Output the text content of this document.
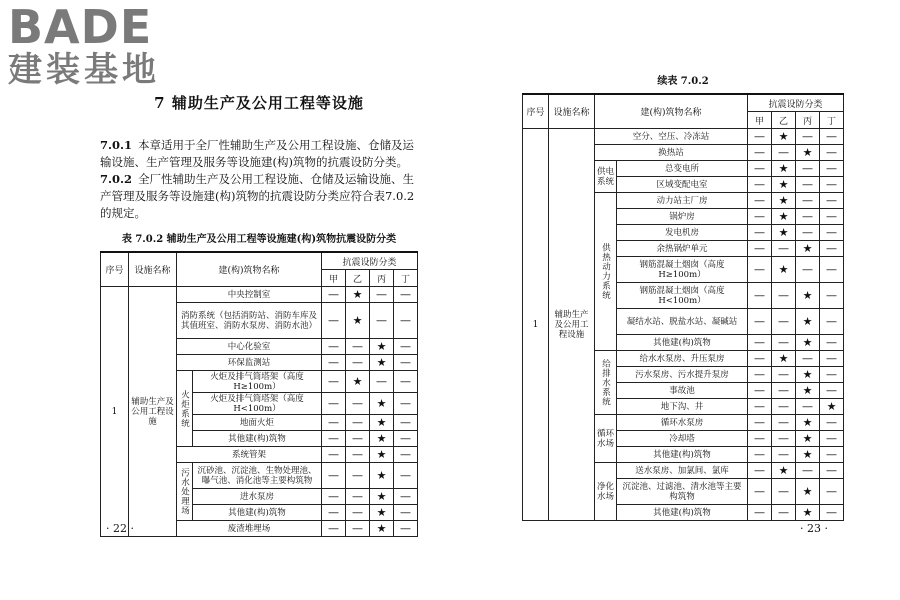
BADE
建装基地
7 辅助生产及公用工程等设施

7.0.1 本章适用于全厂性辅助生产及公用工程设施、仓储及运输设施、生产管理及服务等设施建(构)筑物的抗震设防分类。

7.0.2 全厂性辅助生产及公用工程设施、仓储及运输设施、生产管理及服务等设施建(构)筑物的抗震设防分类应符合表7.0.2的规定。

表 7.0.2 辅助生产及公用工程等设施建(构)筑物抗震设防分类
序号	设施名称	建(构)筑物名称		抗震设防分类			
				甲	乙	丙	丁
1	辅助生产及公用工程设施	中央控制室		—	★	—	—
		消防系统（包括消防站、消防车库及其值班室、消防水泵房、消防水池）		—	★	—	—
		中心化验室		—	—	★	—
		环保监测站		—	—	★	—
		火炬系统	火炬及排气筒塔架（高度H≥100m）	—	★	—	—
			火炬及排气筒塔架（高度H<100m）	—	—	★	—
			地面火炬	—	—	★	—
			其他建(构)筑物	—	—	★	—
		系统管架		—	—	★	—
		污水处理场	沉砂池、沉淀池、生物处理池、曝气池、消化池等主要构筑物	—	—	★	—
			进水泵房	—	—	★	—
			其他建(构)筑物	—	—	★	—
		废渣堆埋场		—	—	★	—
· 22 ·
续表 7.0.2
序号	设施名称	建(构)筑物名称		抗震设防分类			
				甲	乙	丙	丁
1	辅助生产及公用工程设施	空分、空压、冷冻站		—	★	—	—
		换热站		—	—	★	—
		供电系统	总变电所	—	★	—	—
			区域变配电室	—	★	—	—
		供热动力系统	动力站主厂房	—	★	—	—
			锅炉房	—	★	—	—
			发电机房	—	★	—	—
			余热锅炉单元	—	—	★	—
			钢筋混凝土烟囱（高度H≥100m）	—	★	—	—
			钢筋混凝土烟囱（高度H<100m）	—	—	★	—
			凝结水站、脱盐水站、凝碱站	—	—	★	—
			其他建(构)筑物	—	—	★	—
		给排水系统	给水水泵房、升压泵房	—	★	—	—
			污水泵房、污水提升泵房	—	—	★	—
			事故池	—	—	★	—
			地下沟、井	—	—	—	★
		循环水场	循环水泵房	—	—	★	—
			冷却塔	—	—	★	—
			其他建(构)筑物	—	—	★	—
		净化水场	送水泵房、加氯间、氯库	—	★	—	—
			沉淀池、过滤池、清水池等主要构筑物	—	—	★	—
			其他建(构)筑物	—	—	★	—
· 23 ·
